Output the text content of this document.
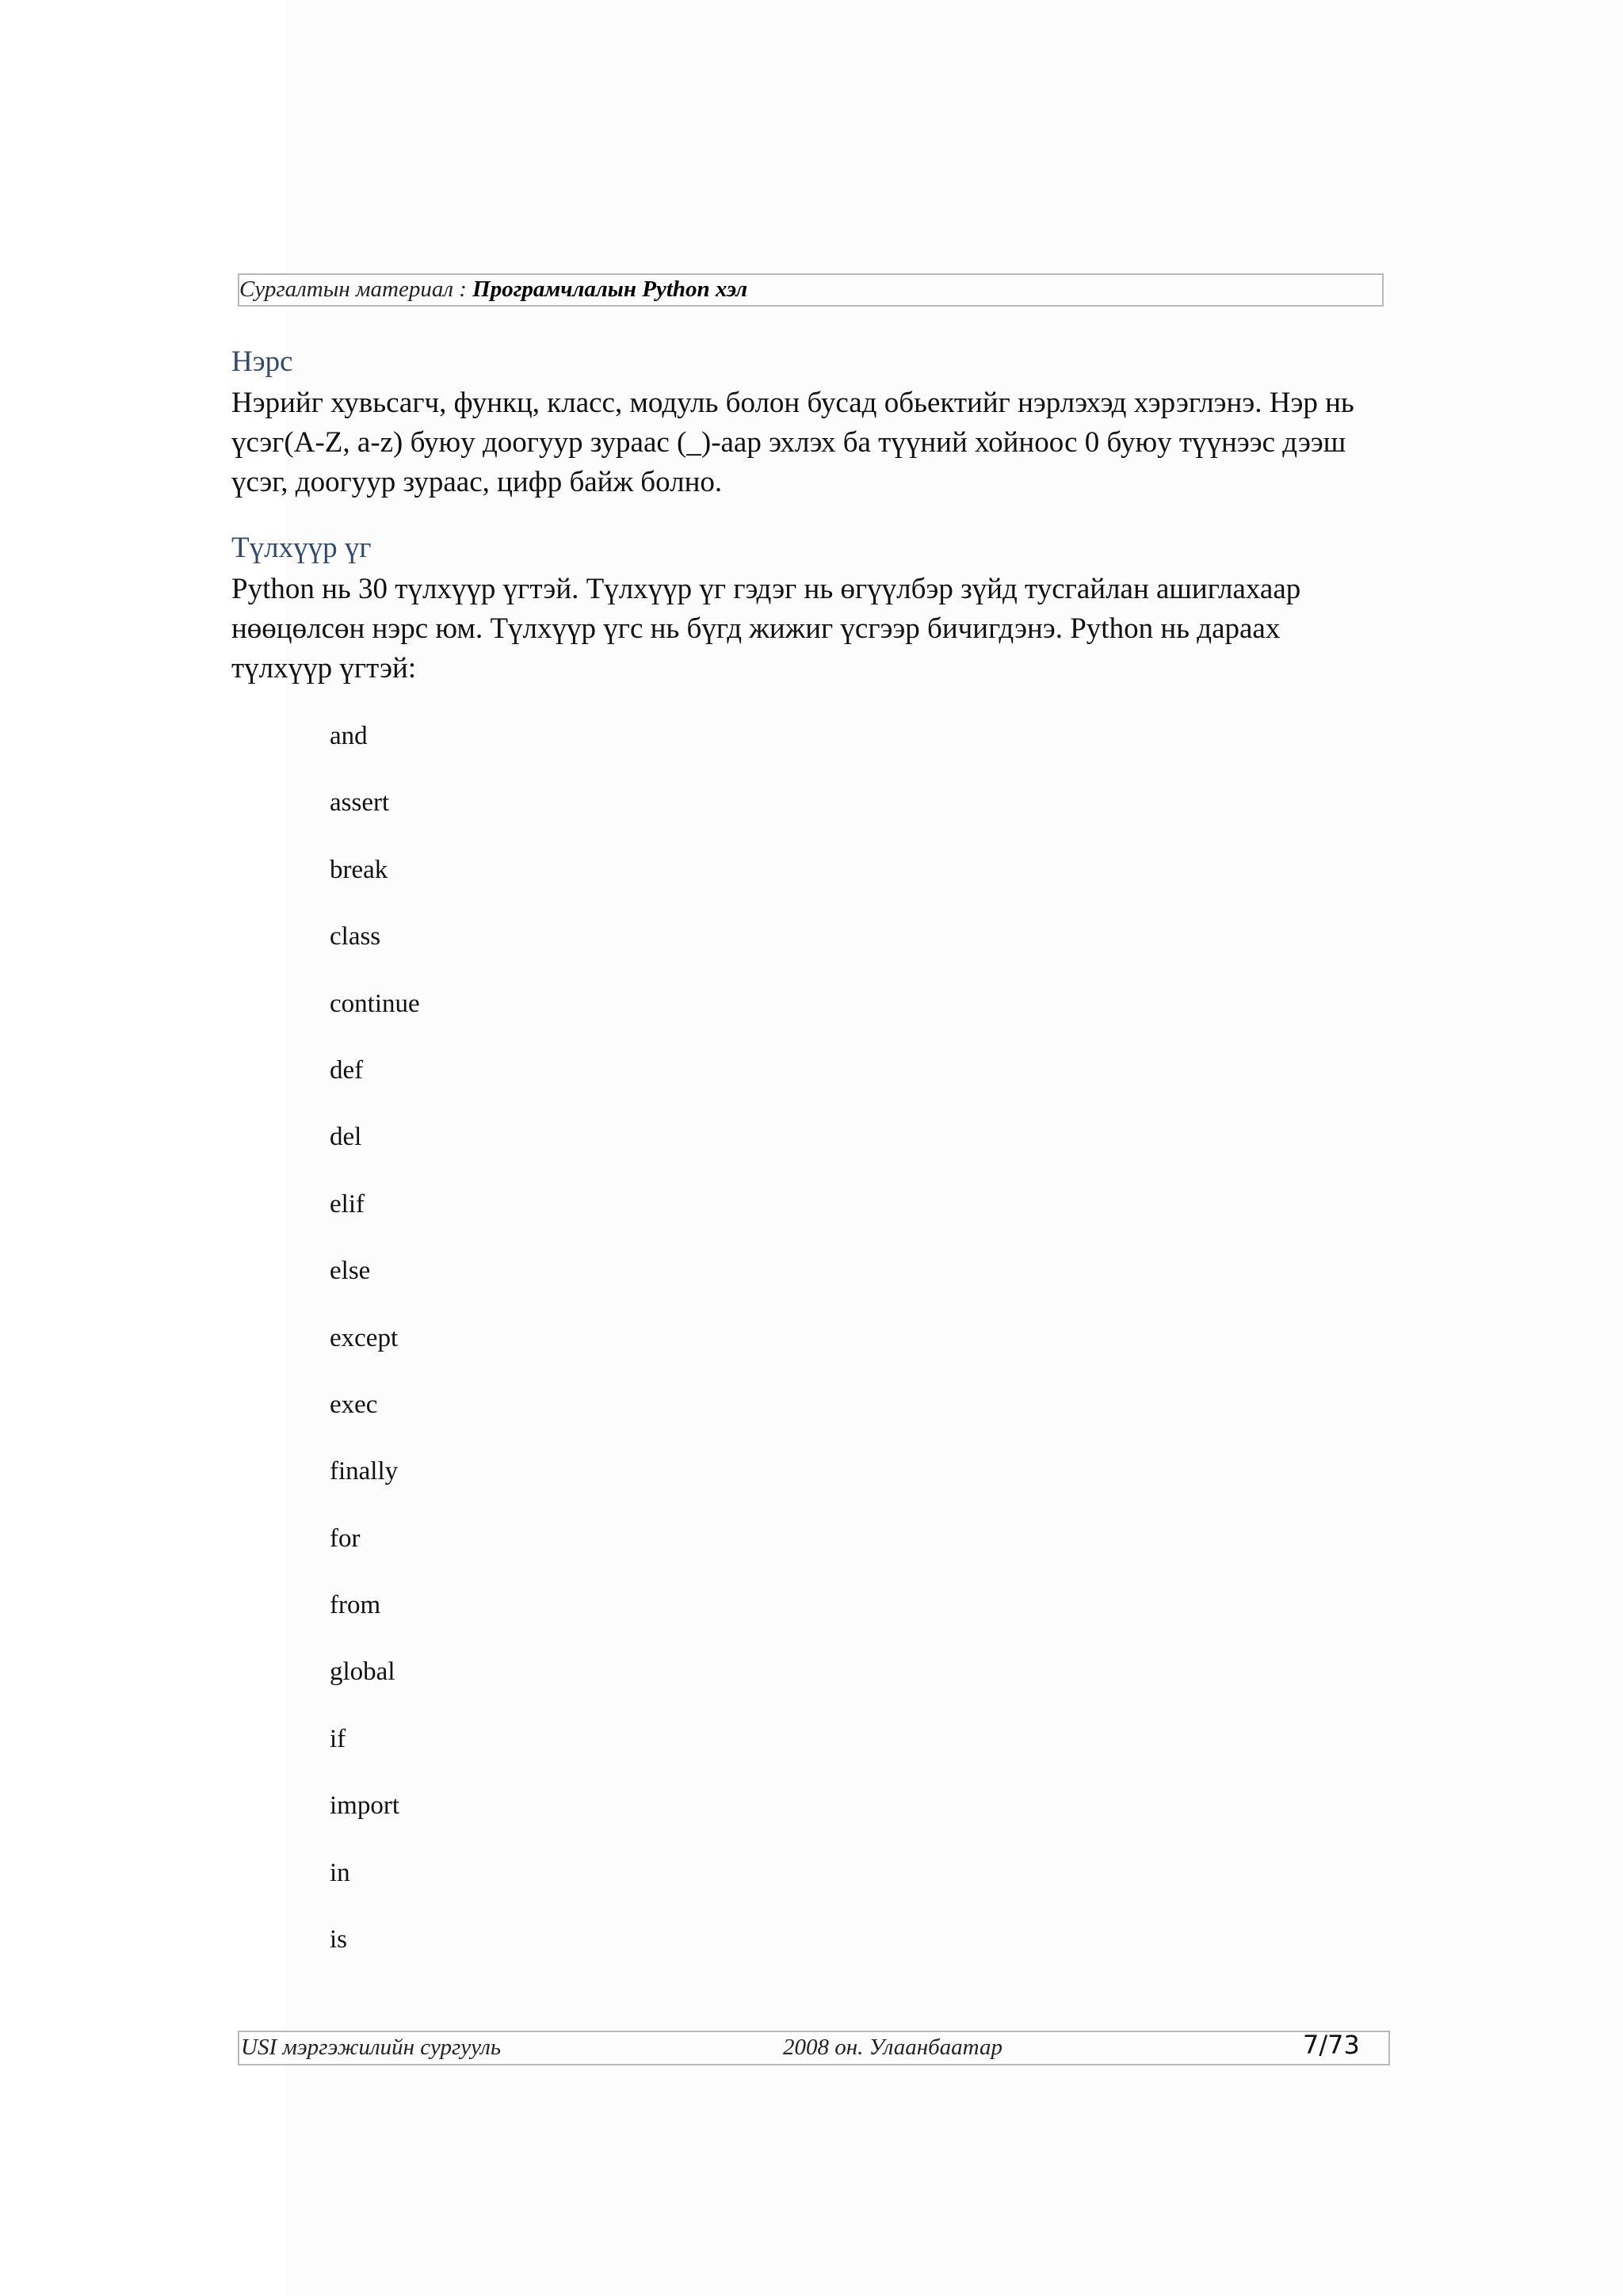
Сургалтын материал : Програмчлалын Python хэл
Нэрс
Нэрийг хувьсагч, функц, класс, модуль болон бусад обьектийг нэрлэхэд хэрэглэнэ. Нэр нь
үсэг(A-Z, a-z) буюу доогуур зураас (_)-аар эхлэх ба түүний хойноос 0 буюу түүнээс дээш
үсэг, доогуур зураас, цифр байж болно.
Түлхүүр үг
Python нь 30 түлхүүр үгтэй. Түлхүүр үг гэдэг нь өгүүлбэр зүйд тусгайлан ашиглахаар
нөөцөлсөн нэрс юм. Түлхүүр үгс нь бүгд жижиг үсгээр бичигдэнэ. Python нь дараах
түлхүүр үгтэй:
and
assert
break
class
continue
def
del
elif
else
except
exec
finally
for
from
global
if
import
in
is
USI мэргэжилийн сургууль	2008 он. Улаанбаатар	7/73
